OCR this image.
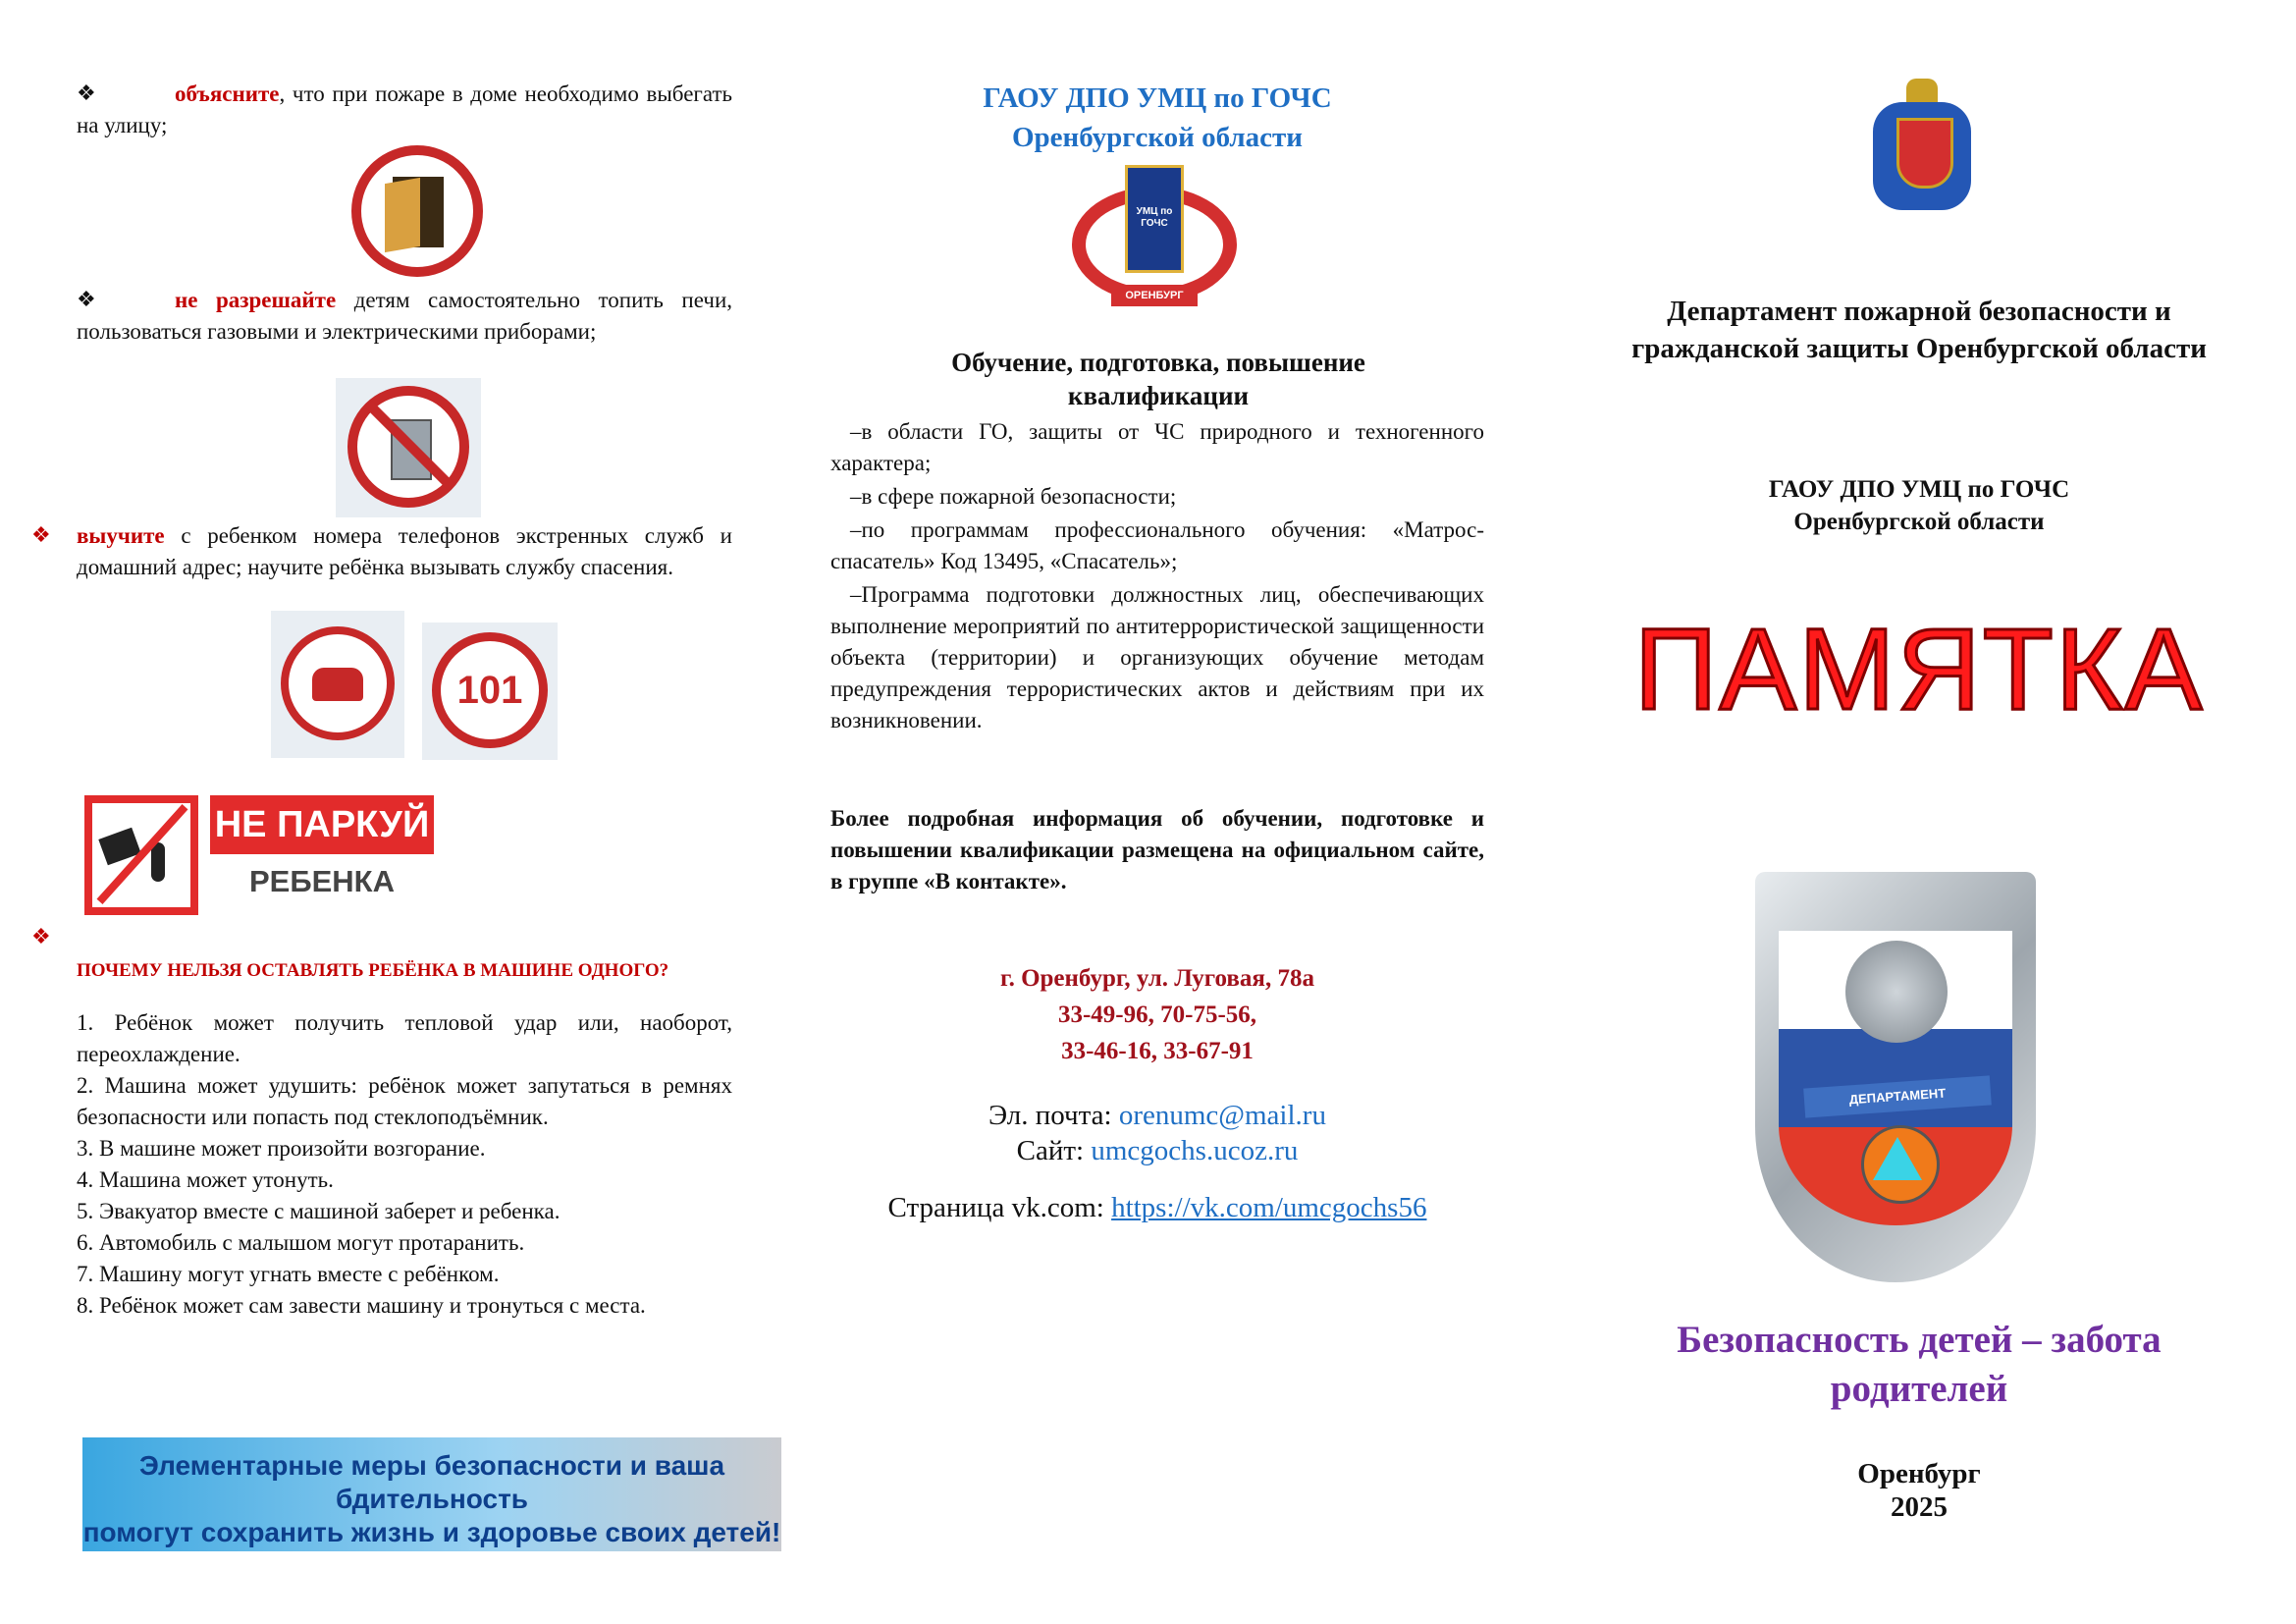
❖	объясните, что при пожаре в доме необходимо выбегать на улицу;
❖	не разрешайте детям самостоятельно топить печи, пользоваться газовыми и электрическими приборами;
❖ выучите с ребенком номера телефонов экстренных служб и домашний адрес; научите ребёнка вызывать службу спасения.
101
НЕ ПАРКУЙ
РЕБЕНКА
❖
ПОЧЕМУ НЕЛЬЗЯ ОСТАВЛЯТЬ РЕБЁНКА В МАШИНЕ ОДНОГО?
1. Ребёнок может получить тепловой удар или, наоборот, переохлаждение.
2. Машина может удушить: ребёнок может запутаться в ремнях безопасности или попасть под стеклоподъёмник.
3. В машине может произойти возгорание.
4. Машина может утонуть.
5. Эвакуатор вместе с машиной заберет и ребенка.
6. Автомобиль с малышом могут протаранить.
7. Машину могут угнать вместе с ребёнком.
8. Ребёнок может сам завести машину и тронуться с места.
Элементарные меры безопасности и ваша бдительность
помогут сохранить жизнь и здоровье своих детей!
ГАОУ ДПО УМЦ по ГОЧС
Оренбургской области
УМЦ по ГОЧС
ОРЕНБУРГ
Обучение, подготовка, повышение квалификации
–в области ГО, защиты от ЧС природного и техногенного характера;
–в сфере пожарной безопасности;
–по программам профессионального обучения: «Матрос-спасатель» Код 13495, «Спасатель»;
–Программа подготовки должностных лиц, обеспечивающих выполнение мероприятий по антитеррористической защищенности объекта (территории) и организующих обучение методам предупреждения террористических актов и действиям при их возникновении.
Более подробная информация об обучении, подготовке и повышении квалификации размещена на официальном сайте, в группе «В контакте».
г. Оренбург, ул. Луговая, 78а
33-49-96, 70-75-56,
33-46-16, 33-67-91
Эл. почта: orenumc@mail.ru
Сайт: umcgochs.ucoz.ru
Страница vk.com: https://vk.com/umcgochs56
Департамент пожарной безопасности и гражданской защиты Оренбургской области
ГАОУ ДПО УМЦ по ГОЧС
Оренбургской области
ПАМЯТКА
ДЕПАРТАМЕНТ
Безопасность детей – забота родителей
Оренбург
2025
